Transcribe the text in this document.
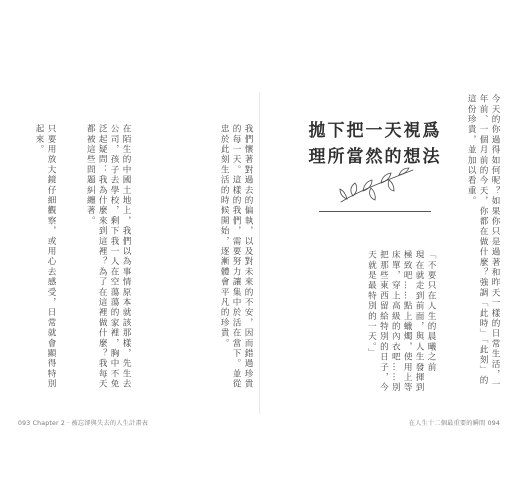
我們懷著對過去的偏執，以及對未來的不安，因而錯過珍貴的每一天。這樣的我們，需要努力讓集中於活在當下。並從忠於此刻生活的時候開始，逐漸體會平凡的珍貴。
在陌生的中國土地上，我們以為事情原本就該那樣，先生去公司，孩子去學校，剩下我一人在空蕩蕩的家裡，胸中不免泛起疑問：我為什麼來到這裡？為了在這裡做什麼？我每天都被這些問題糾纏著。
只要用放大鏡仔細觀察，或用心去感受，日常就會顯得特別起來。
093 Chapter 2 · 被忘卻與失去的人生計畫表
拋下把一天視爲
理所當然的想法	今天的你過得如何呢？如果你只是過著和昨天一樣的日常生活，一年前、一個月前的今天，你都在做什麼？強調「此時」「此刻」的這份珍貴，並加以看重。
「不要只在人生的晨曦之前
現在就走到前面，與人生發揮到
極致吧……點上蠟燭，使用上等
床單，穿上高級的內衣吧……別
把那些東西留給特別的日子，今
天就是最特別的一天。」
在人生十二個最重要的瞬間 094
